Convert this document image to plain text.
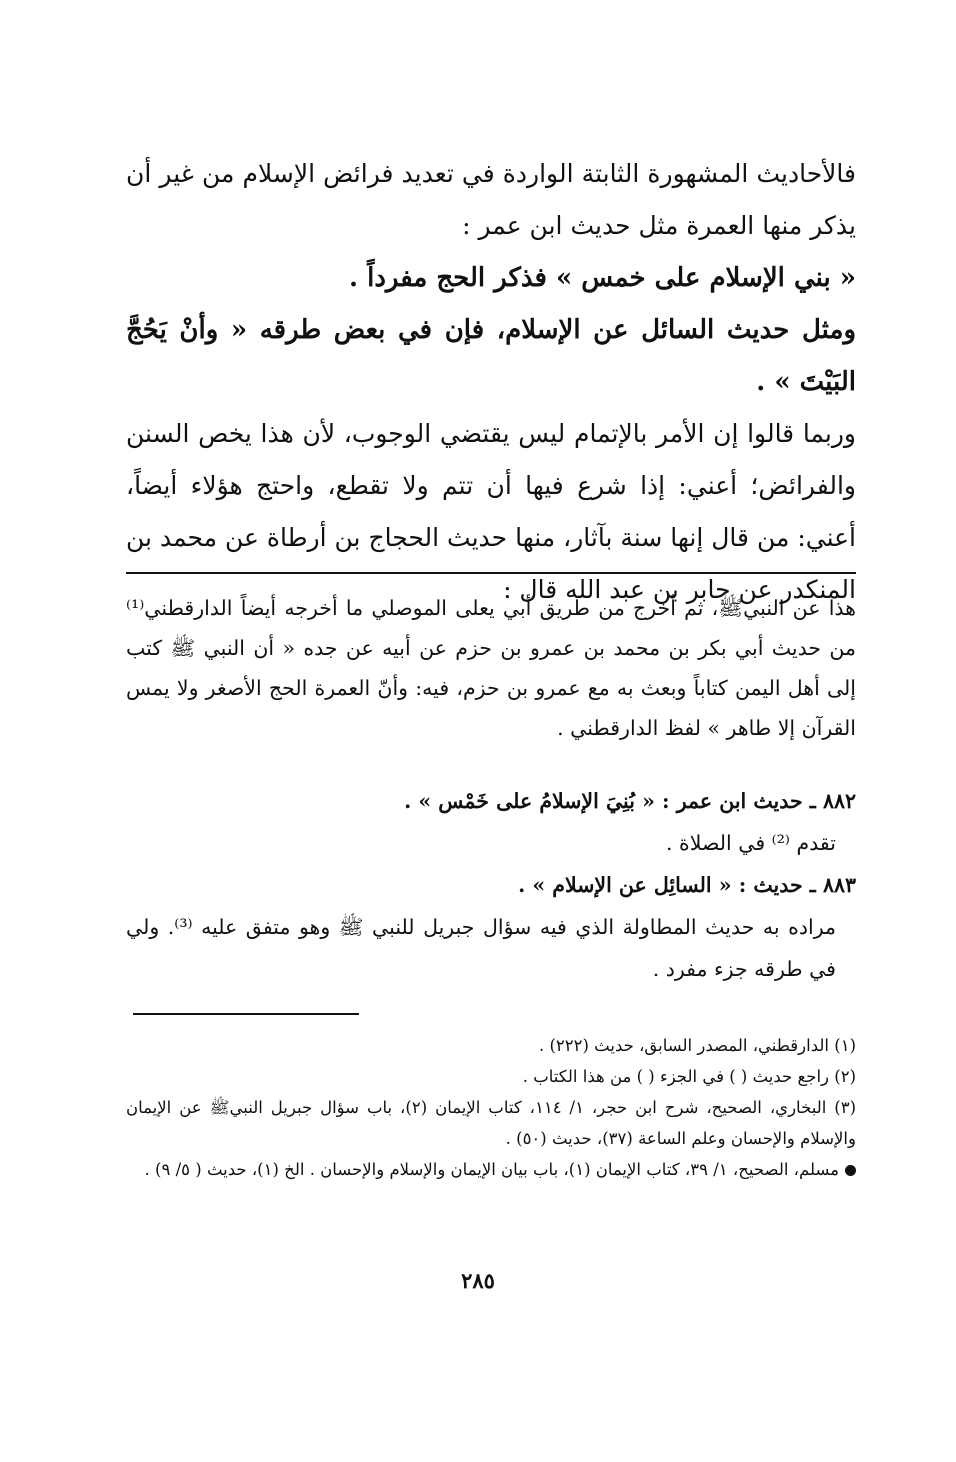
فالأحاديث المشهورة الثابتة الواردة في تعديد فرائض الإسلام من غير أن يذكر منها العمرة مثل حديث ابن عمر :

« بني الإسلام على خمس » فذكر الحج مفرداً .

ومثل حديث السائل عن الإسلام، فإن في بعض طرقه « وأنْ يَحُجَّ البَيْتَ » .

وربما قالوا إن الأمر بالإتمام ليس يقتضي الوجوب، لأن هذا يخص السنن والفرائض؛ أعني: إذا شرع فيها أن تتم ولا تقطع، واحتج هؤلاء أيضاً، أعني: من قال إنها سنة بآثار، منها حديث الحجاج بن أرطاة عن محمد بن المنكدر عن جابر بن عبد الله قال :

هذا عن النبيﷺ، ثم أخرج من طريق أبي يعلى الموصلي ما أخرجه أيضاً الدارقطني⁽¹⁾ من حديث أبي بكر بن محمد بن عمرو بن حزم عن أبيه عن جده « أن النبي ﷺ كتب إلى أهل اليمن كتاباً وبعث به مع عمرو بن حزم، فيه: وأنّ العمرة الحج الأصغر ولا يمس القرآن إلا طاهر » لفظ الدارقطني .

٨٨٢ ـ حديث ابن عمر : « بُنِيَ الإسلامُ على خَمْس » .

تقدم ⁽²⁾ في الصلاة .

٨٨٣ ـ حديث : « السائِل عن الإسلام » .

مراده به حديث المطاولة الذي فيه سؤال جبريل للنبي ﷺ وهو متفق عليه ⁽³⁾. ولي في طرقه جزء مفرد .

(١) الدارقطني، المصدر السابق، حديث (٢٢٢) .

(٢) راجع حديث ( ) في الجزء ( ) من هذا الكتاب .

(٣) البخاري، الصحيح، شرح ابن حجر، ١/ ١١٤، كتاب الإيمان (٢)، باب سؤال جبريل النبيﷺ عن الإيمان والإسلام والإحسان وعلم الساعة (٣٧)، حديث (٥٠) .

مسلم، الصحيح، ١/ ٣٩، كتاب الإيمان (١)، باب بيان الإيمان والإسلام والإحسان . الخ (١)، حديث ( ٥/ ٩) .

٢٨٥
